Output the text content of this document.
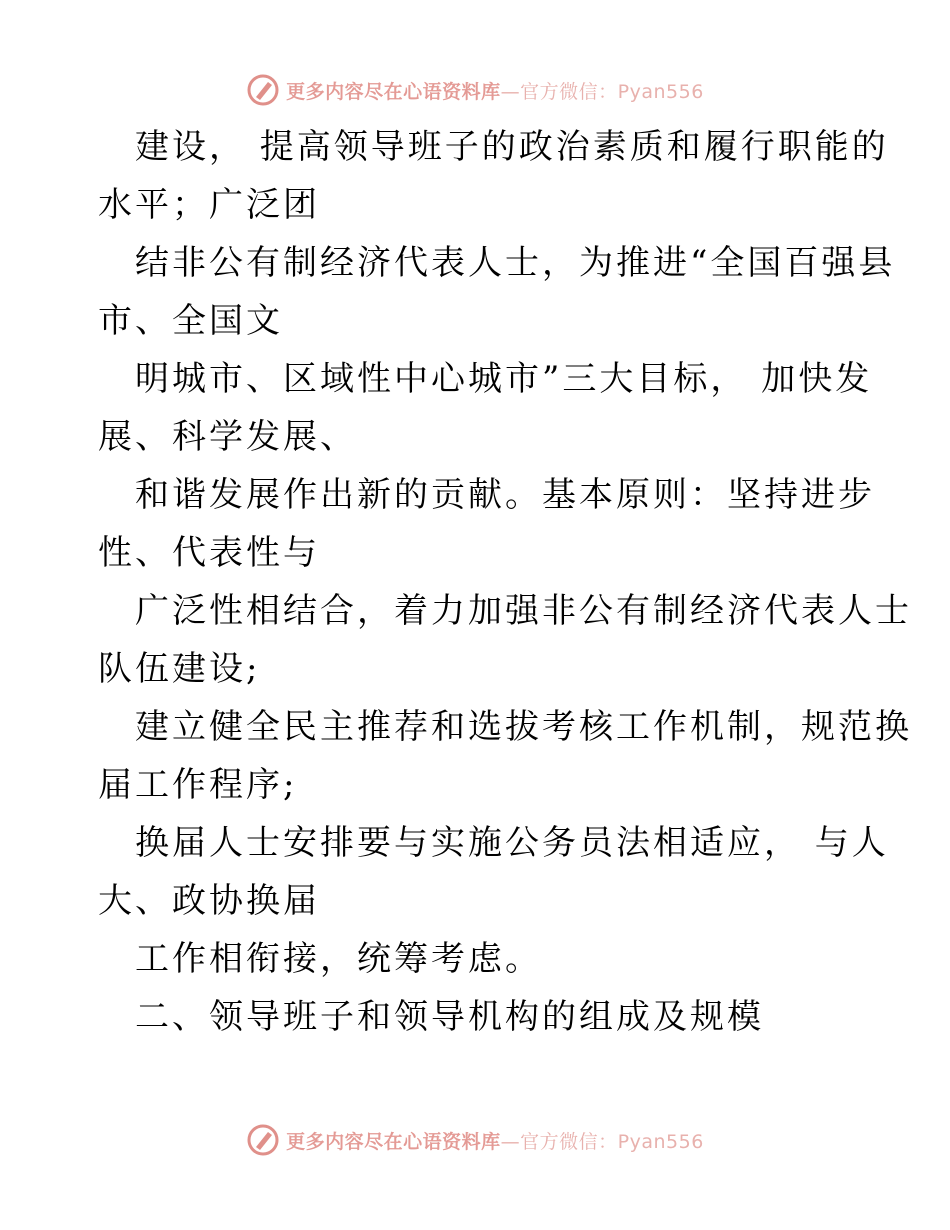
更多内容尽在心语资料库—官方微信：Pyan556
建设， 提高领导班子的政治素质和履行职能的
水平；广泛团
结非公有制经济代表人士，为推进“全国百强县
市、全国文
明城市、区域性中心城市”三大目标， 加快发
展、科学发展、
和谐发展作出新的贡献。基本原则：坚持进步
性、代表性与
广泛性相结合，着力加强非公有制经济代表人士
队伍建设;
建立健全民主推荐和选拔考核工作机制，规范换
届工作程序;
换届人士安排要与实施公务员法相适应， 与人
大、政协换届
工作相衔接，统筹考虑。
二、领导班子和领导机构的组成及规模
更多内容尽在心语资料库—官方微信：Pyan556
